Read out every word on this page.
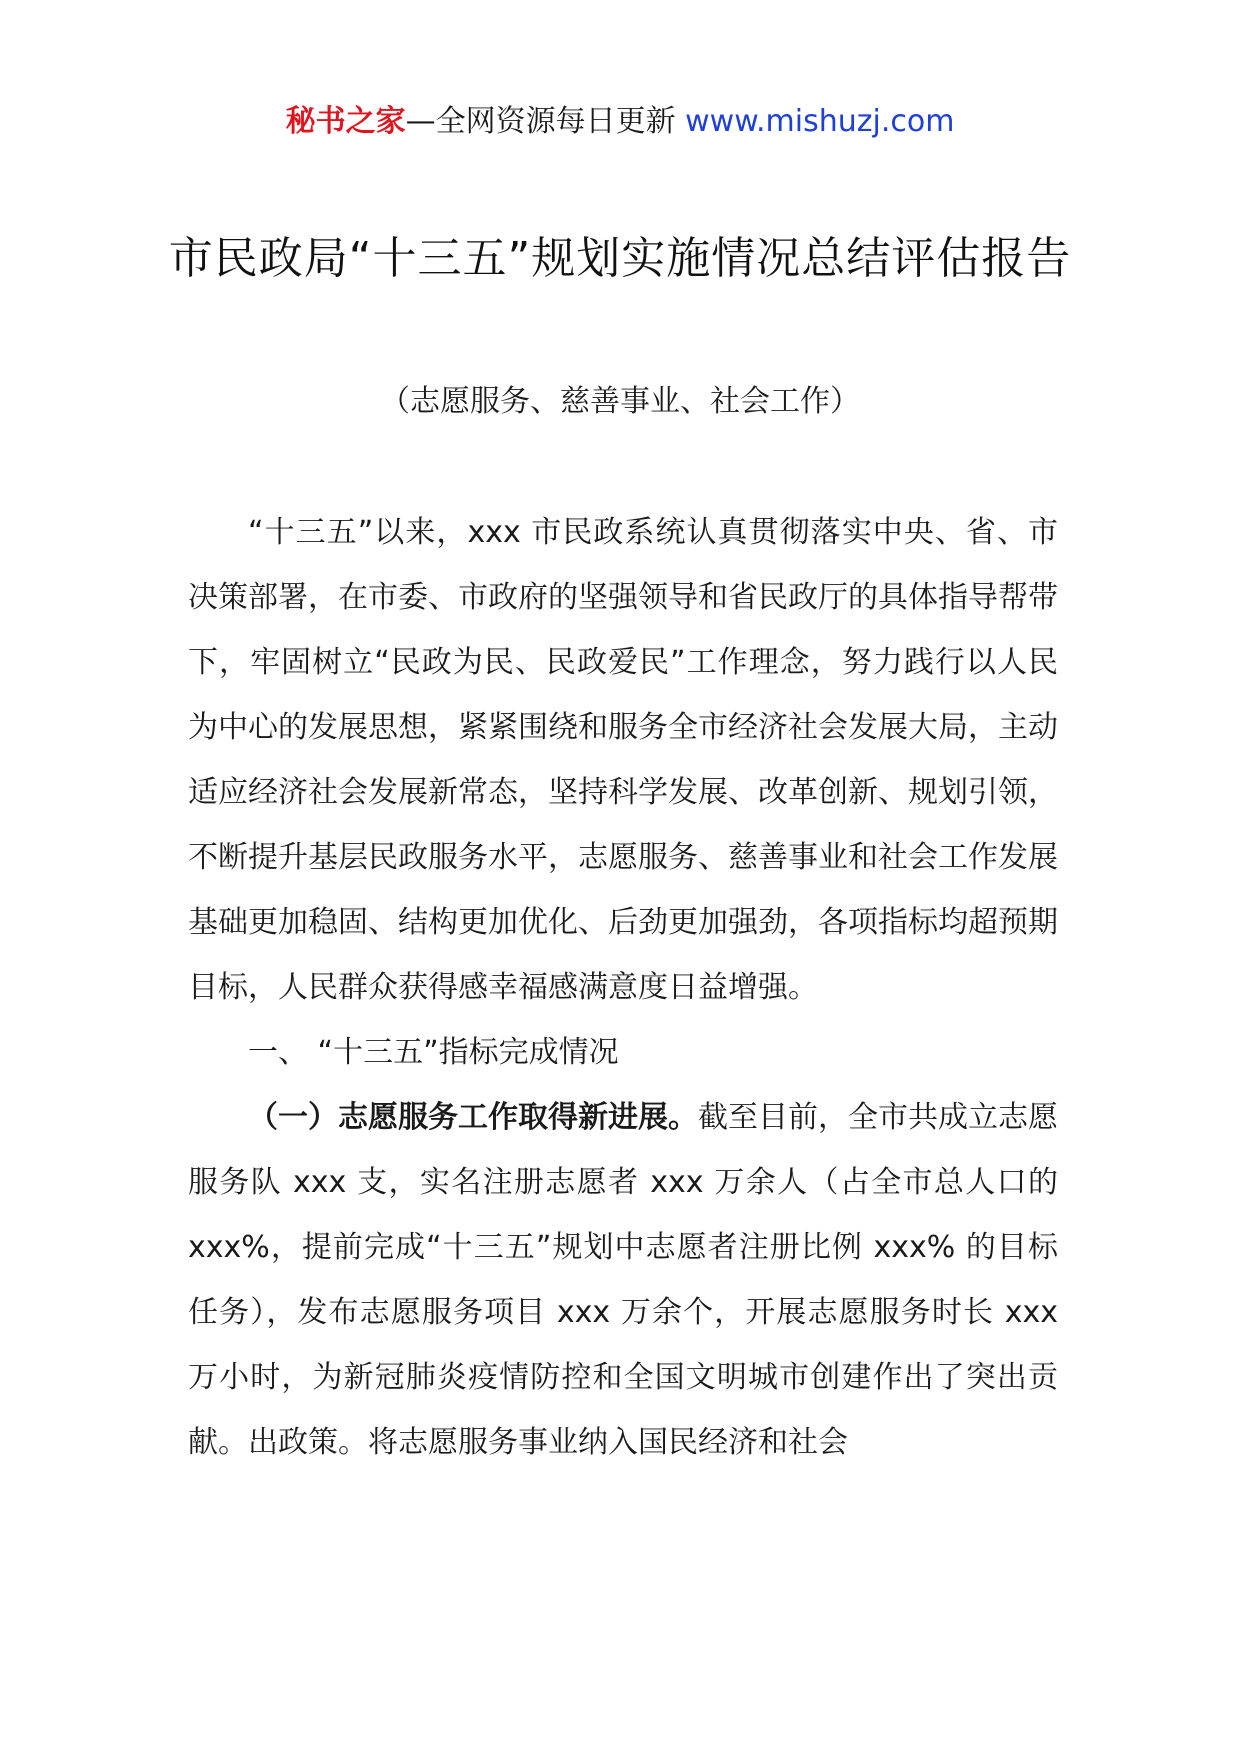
秘书之家—全网资源每日更新 www.mishuzj.com
市民政局“十三五”规划实施情况总结评估报告
（志愿服务、慈善事业、社会工作）

“十三五”以来，xxx 市民政系统认真贯彻落实中央、省、市决策部署，在市委、市政府的坚强领导和省民政厅的具体指导帮带下，牢固树立“民政为民、民政爱民”工作理念，努力践行以人民为中心的发展思想，紧紧围绕和服务全市经济社会发展大局，主动适应经济社会发展新常态，坚持科学发展、改革创新、规划引领，不断提升基层民政服务水平，志愿服务、慈善事业和社会工作发展基础更加稳固、结构更加优化、后劲更加强劲，各项指标均超预期目标，人民群众获得感幸福感满意度日益增强。

一、 “十三五”指标完成情况

（一）志愿服务工作取得新进展。截至目前，全市共成立志愿服务队 xxx 支，实名注册志愿者 xxx 万余人（占全市总人口的 xxx%，提前完成“十三五”规划中志愿者注册比例 xxx% 的目标任务），发布志愿服务项目 xxx 万余个，开展志愿服务时长 xxx 万小时，为新冠肺炎疫情防控和全国文明城市创建作出了突出贡献。出政策。将志愿服务事业纳入国民经济和社会
